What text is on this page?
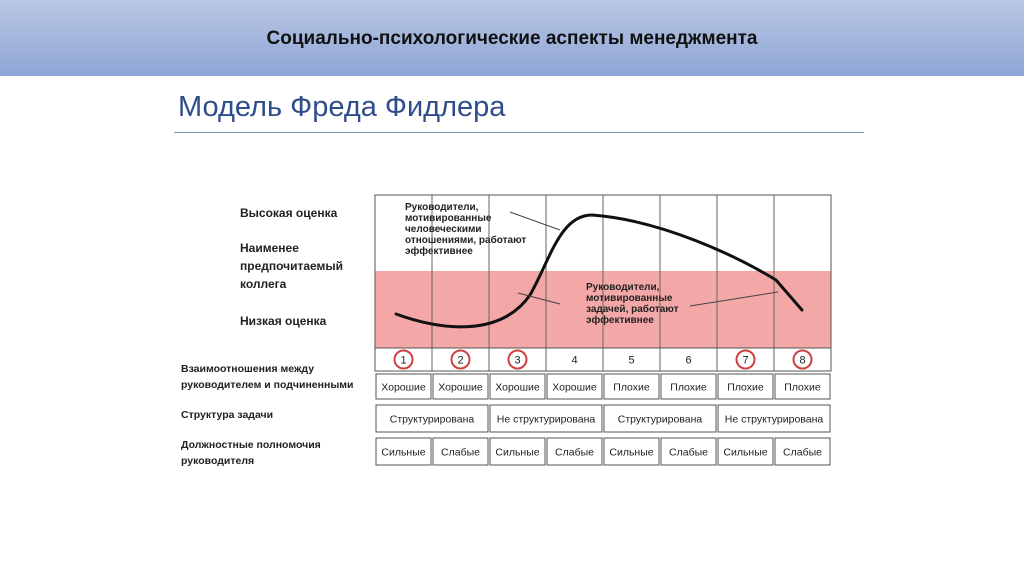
Социально-психологические аспекты менеджмента
Модель Фреда Фидлера
Руководители,
мотивированные
человеческими
отношениями, работают
эффективнее
Руководители,
мотивированные
задачей, работают
эффективнее
1	2	3	4	5	6	7	8
Хорошие Хорошие Хорошие Хорошие Плохие Плохие Плохие Плохие
Структурирована Не структурирована Структурирована Не структурирована
Сильные Слабые Сильные Слабые Сильные Слабые Сильные Слабые
Высокая оценка
Наименее
предпочитаемый
коллега
Низкая оценка
Взаимоотношения между
руководителем и подчиненными
Структура задачи
Должностные полномочия
руководителя
